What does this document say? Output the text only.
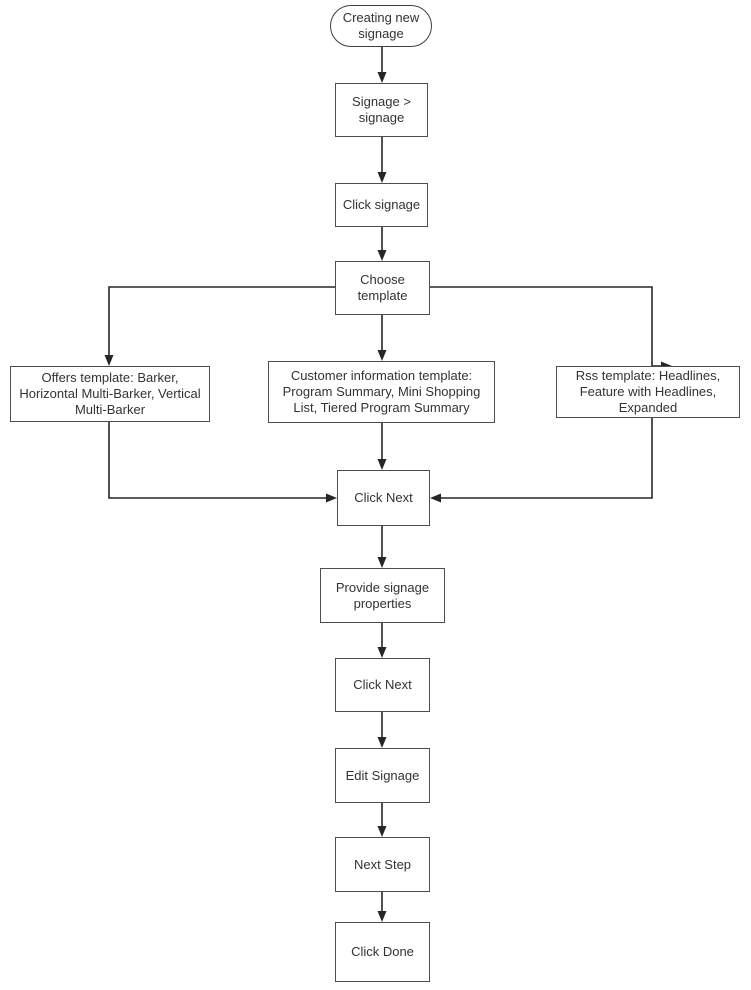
Creating new signage
Signage > signage
Click signage
Choose template
Offers template: Barker, Horizontal Multi-Barker, Vertical Multi-Barker
Customer information template: Program Summary, Mini Shopping List, Tiered Program Summary
Rss template: Headlines, Feature with Headlines, Expanded
Click Next
Provide signage properties
Click Next
Edit Signage
Next Step
Click Done
